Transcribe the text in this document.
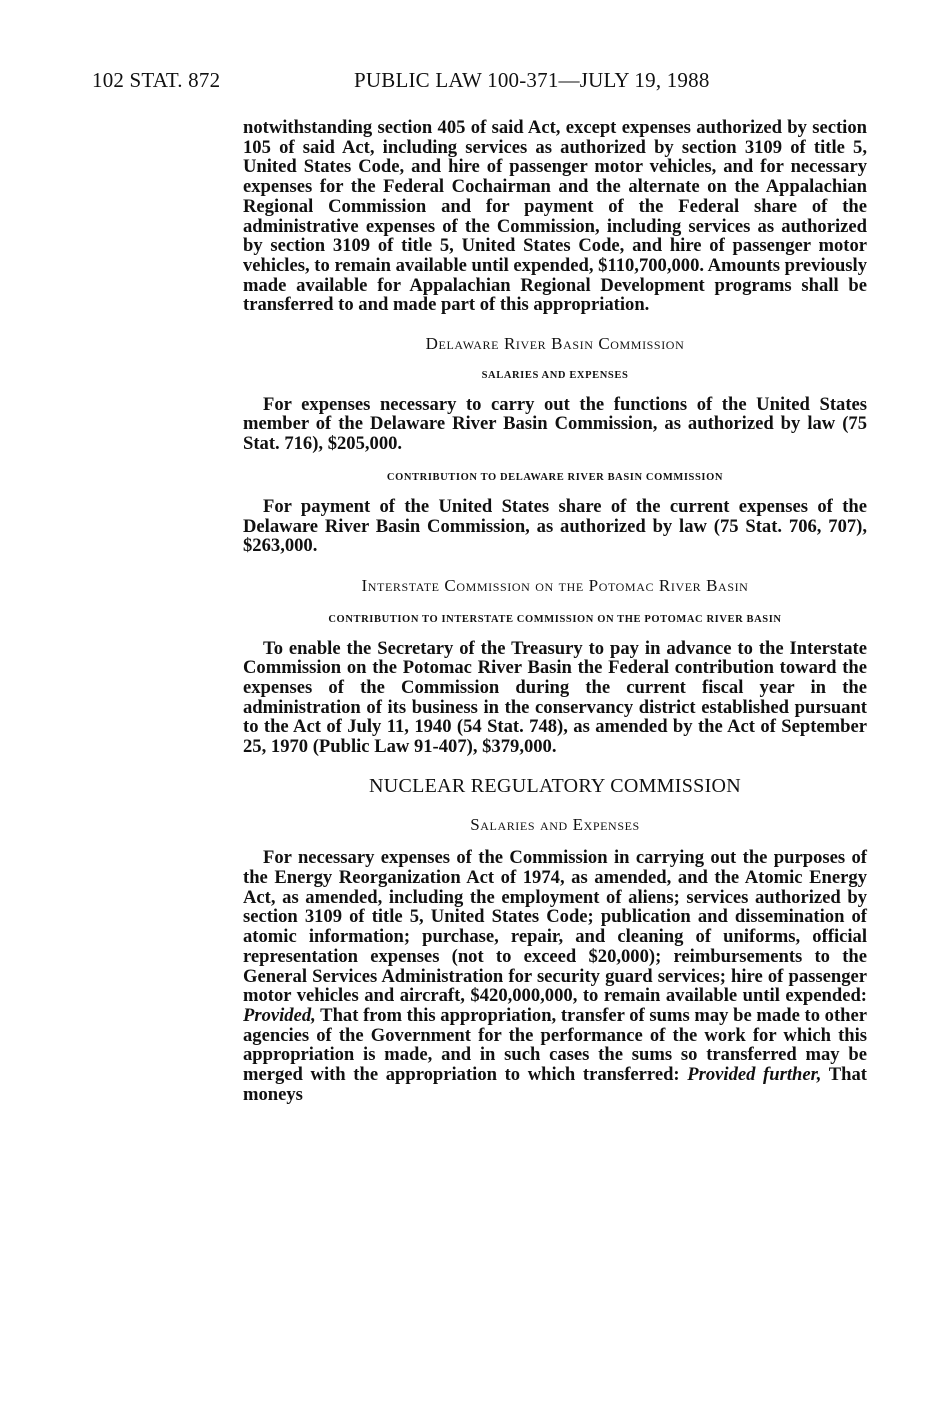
102 STAT. 872	PUBLIC LAW 100-371—JULY 19, 1988

notwithstanding section 405 of said Act, except expenses authorized by section 105 of said Act, including services as authorized by section 3109 of title 5, United States Code, and hire of passenger motor vehicles, and for necessary expenses for the Federal Cochairman and the alternate on the Appalachian Regional Commission and for payment of the Federal share of the administrative expenses of the Commission, including services as authorized by section 3109 of title 5, United States Code, and hire of passenger motor vehicles, to remain available until expended, $110,700,000. Amounts previously made available for Appalachian Regional Development programs shall be transferred to and made part of this appropriation.

Delaware River Basin Commission
SALARIES AND EXPENSES

For expenses necessary to carry out the functions of the United States member of the Delaware River Basin Commission, as authorized by law (75 Stat. 716), $205,000.

CONTRIBUTION TO DELAWARE RIVER BASIN COMMISSION

For payment of the United States share of the current expenses of the Delaware River Basin Commission, as authorized by law (75 Stat. 706, 707), $263,000.

Interstate Commission on the Potomac River Basin
CONTRIBUTION TO INTERSTATE COMMISSION ON THE POTOMAC RIVER BASIN

To enable the Secretary of the Treasury to pay in advance to the Interstate Commission on the Potomac River Basin the Federal contribution toward the expenses of the Commission during the current fiscal year in the administration of its business in the conservancy district established pursuant to the Act of July 11, 1940 (54 Stat. 748), as amended by the Act of September 25, 1970 (Public Law 91-407), $379,000.

NUCLEAR REGULATORY COMMISSION
Salaries and Expenses

For necessary expenses of the Commission in carrying out the purposes of the Energy Reorganization Act of 1974, as amended, and the Atomic Energy Act, as amended, including the employment of aliens; services authorized by section 3109 of title 5, United States Code; publication and dissemination of atomic information; purchase, repair, and cleaning of uniforms, official representation expenses (not to exceed $20,000); reimbursements to the General Services Administration for security guard services; hire of passenger motor vehicles and aircraft, $420,000,000, to remain available until expended: Provided, That from this appropriation, transfer of sums may be made to other agencies of the Government for the performance of the work for which this appropriation is made, and in such cases the sums so transferred may be merged with the appropriation to which transferred: Provided further, That moneys
